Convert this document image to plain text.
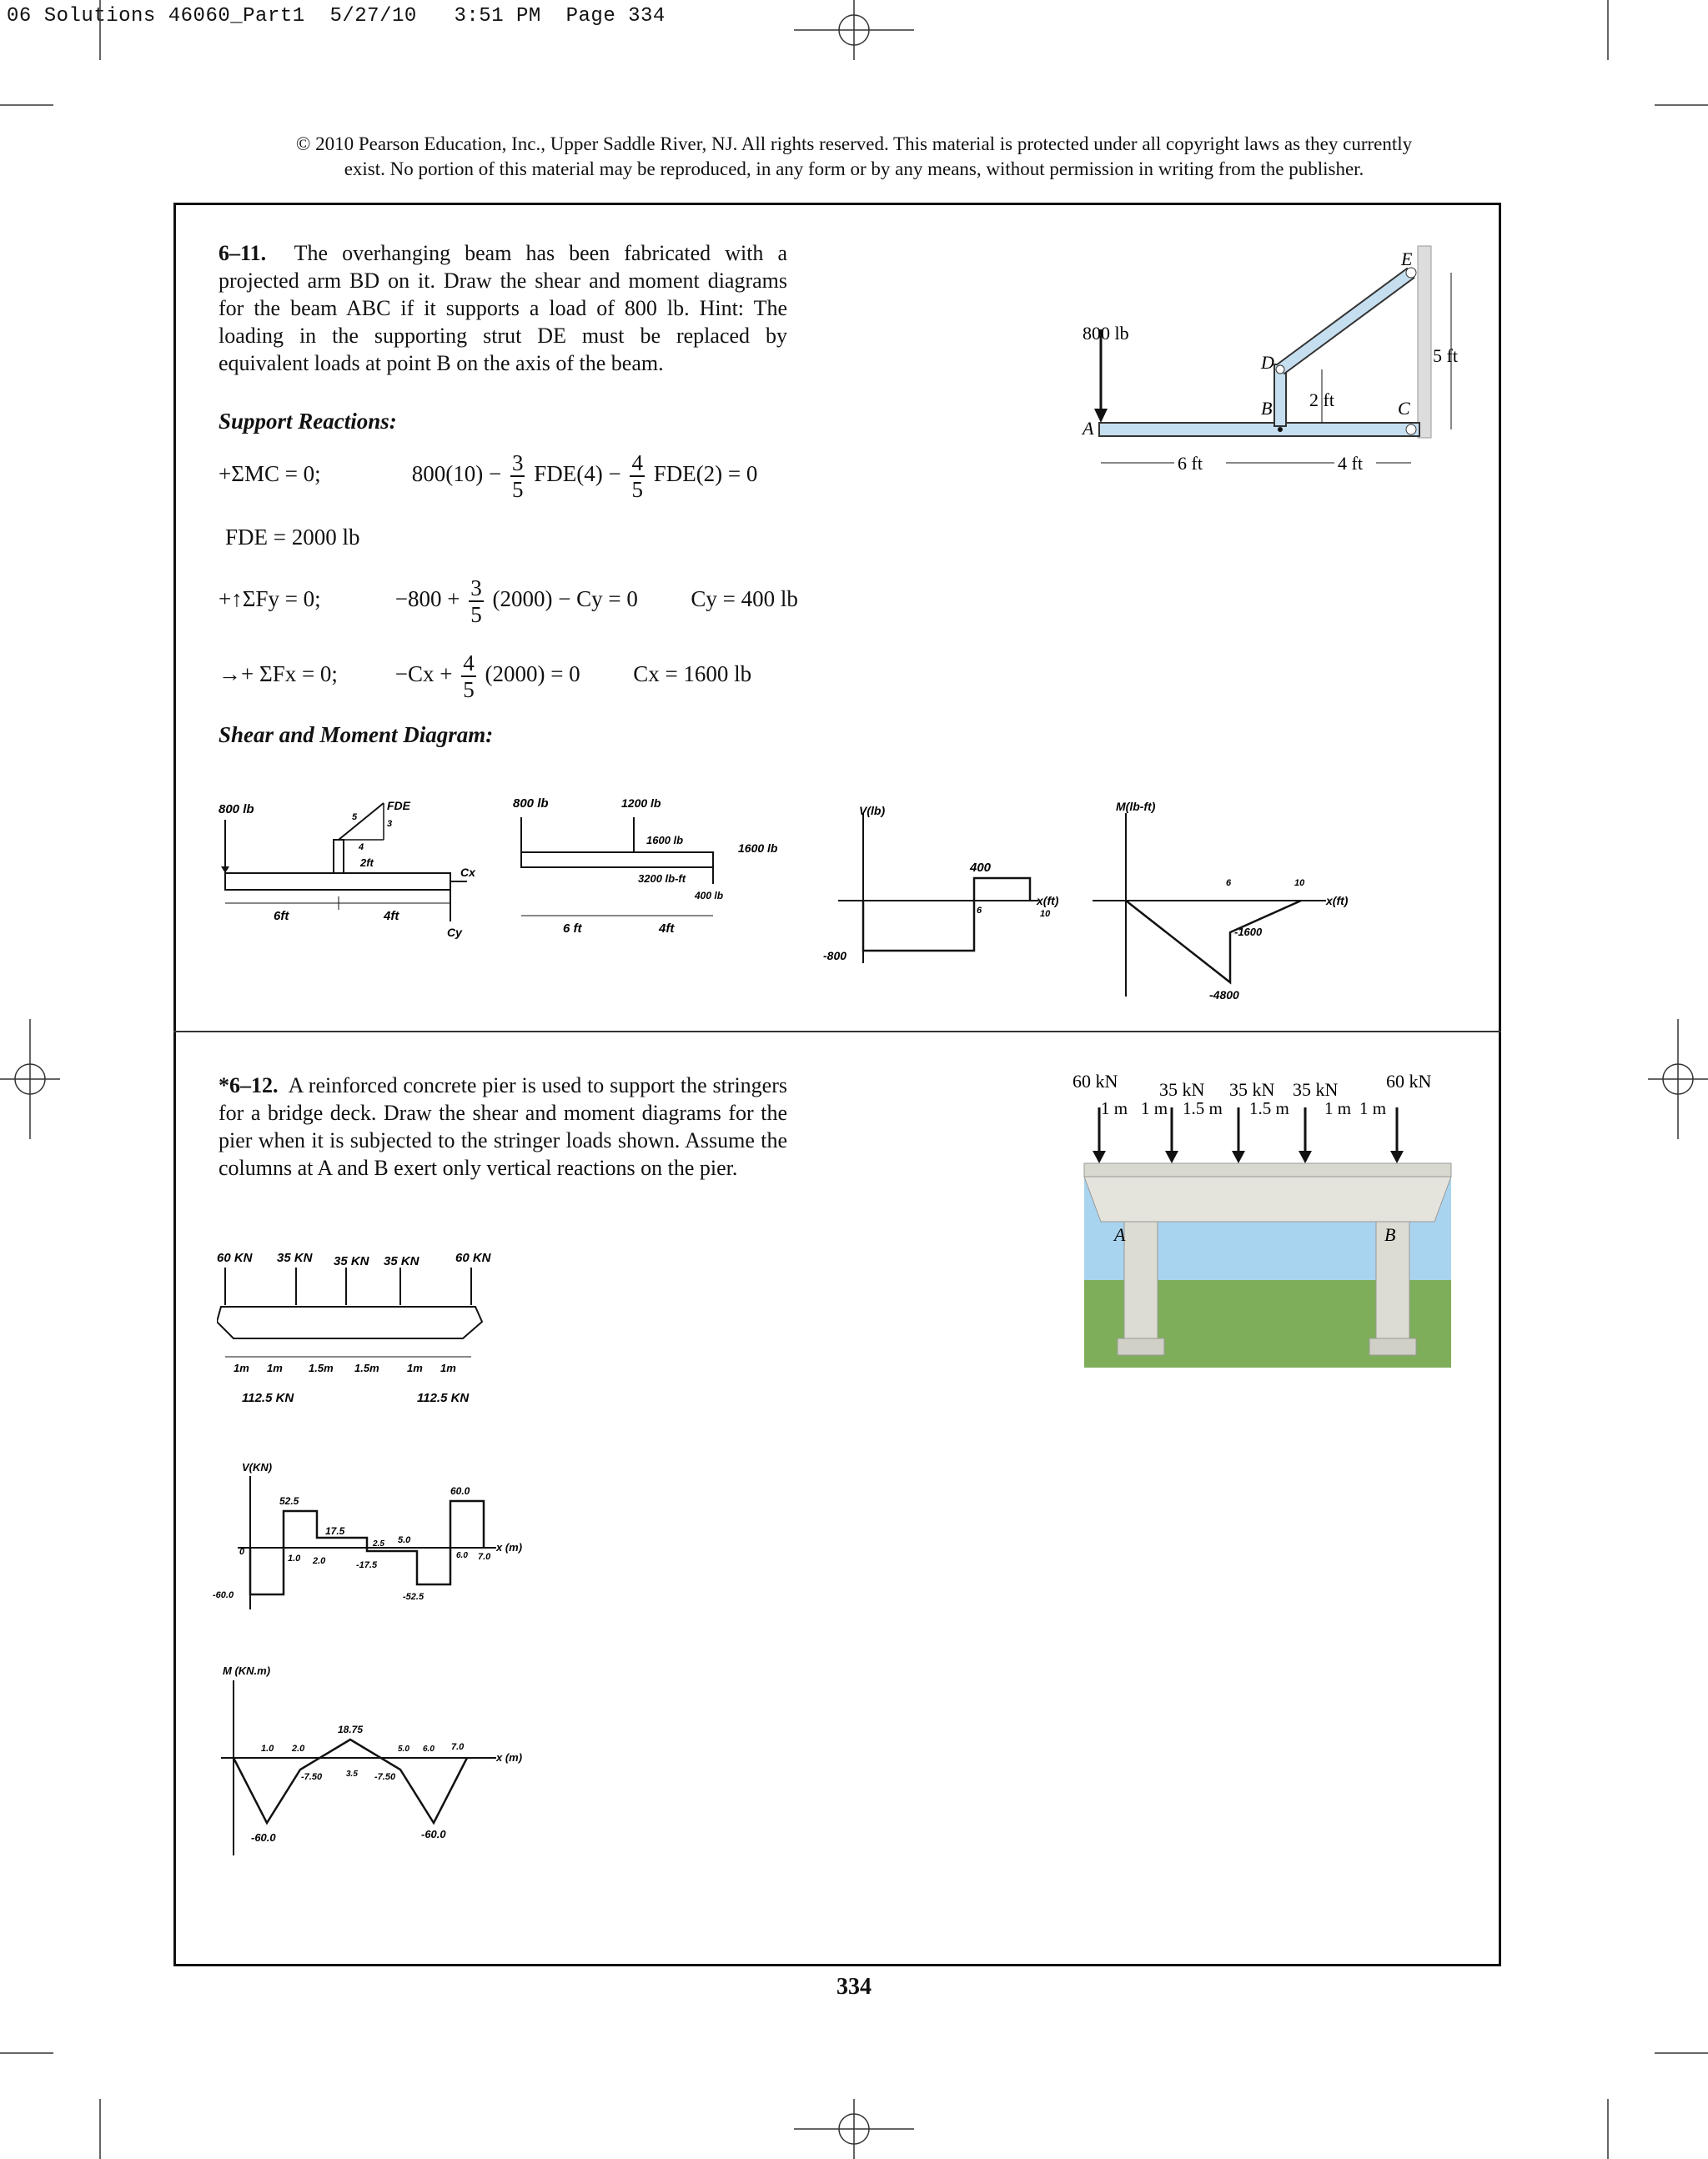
06 Solutions 46060_Part1  5/27/10   3:51 PM  Page 334
© 2010 Pearson Education, Inc., Upper Saddle River, NJ. All rights reserved. This material is protected under all copyright laws as they currently
exist. No portion of this material may be reproduced, in any form or by any means, without permission in writing from the publisher.
6–11. The overhanging beam has been fabricated with a projected arm BD on it. Draw the shear and moment diagrams for the beam ABC if it supports a load of 800 lb. Hint: The loading in the supporting strut DE must be replaced by equivalent loads at point B on the axis of the beam.
Support Reactions:
+ΣMC = 0;	$800(10) - \frac{3}{5} FDE(4) - \frac{4}{5} FDE(2) = 0$
FDE = 2000 lb
+↑ΣFy = 0;	$-800 + \frac{3}{5} (2000) - Cy = 0$ Cy = 400 lb
→+ ΣFx = 0;	$-Cx + \frac{4}{5} (2000) = 0$ Cx = 1600 lb
Shear and Moment Diagram:
800 lb
A
B	C
D
E
6 ft	4 ft
2 ft
5 ft
800 lb	FDE
5
3
4
2ft
Cx
Cy
6ft	4ft
800 lb	1200 lb
1600 lb
3200 lb-ft
1600 lb
400 lb
6 ft	4ft
V(lb)
x(ft)
400
-800
6	10
M(lb-ft)
x(ft)
-4800
-1600
6	10
*6–12. A reinforced concrete pier is used to support the stringers for a bridge deck. Draw the shear and moment diagrams for the pier when it is subjected to the stringer loads shown. Assume the columns at A and B exert only vertical reactions on the pier.
A	B
60 kN 35 kN 35 kN 35 kN	60 kN
1 m 1 m 1.5 m 1.5 m 1 m 1 m
60 KN 35 KN 35 KN 35 KN	60 KN
1m 1m 1.5m 1.5m	1m 1m
112.5 KN	112.5 KN
V(KN)
x (m)
52.5
17.5
2.5 5.0
60.0
0
1.0 2.0	-17.5
6.0 7.0
-60.0	-52.5
M (KN.m)
x (m)
1.0 2.0
18.75
5.0 6.0 7.0
-7.50	3.5 -7.50
-60.0	-60.0
334
